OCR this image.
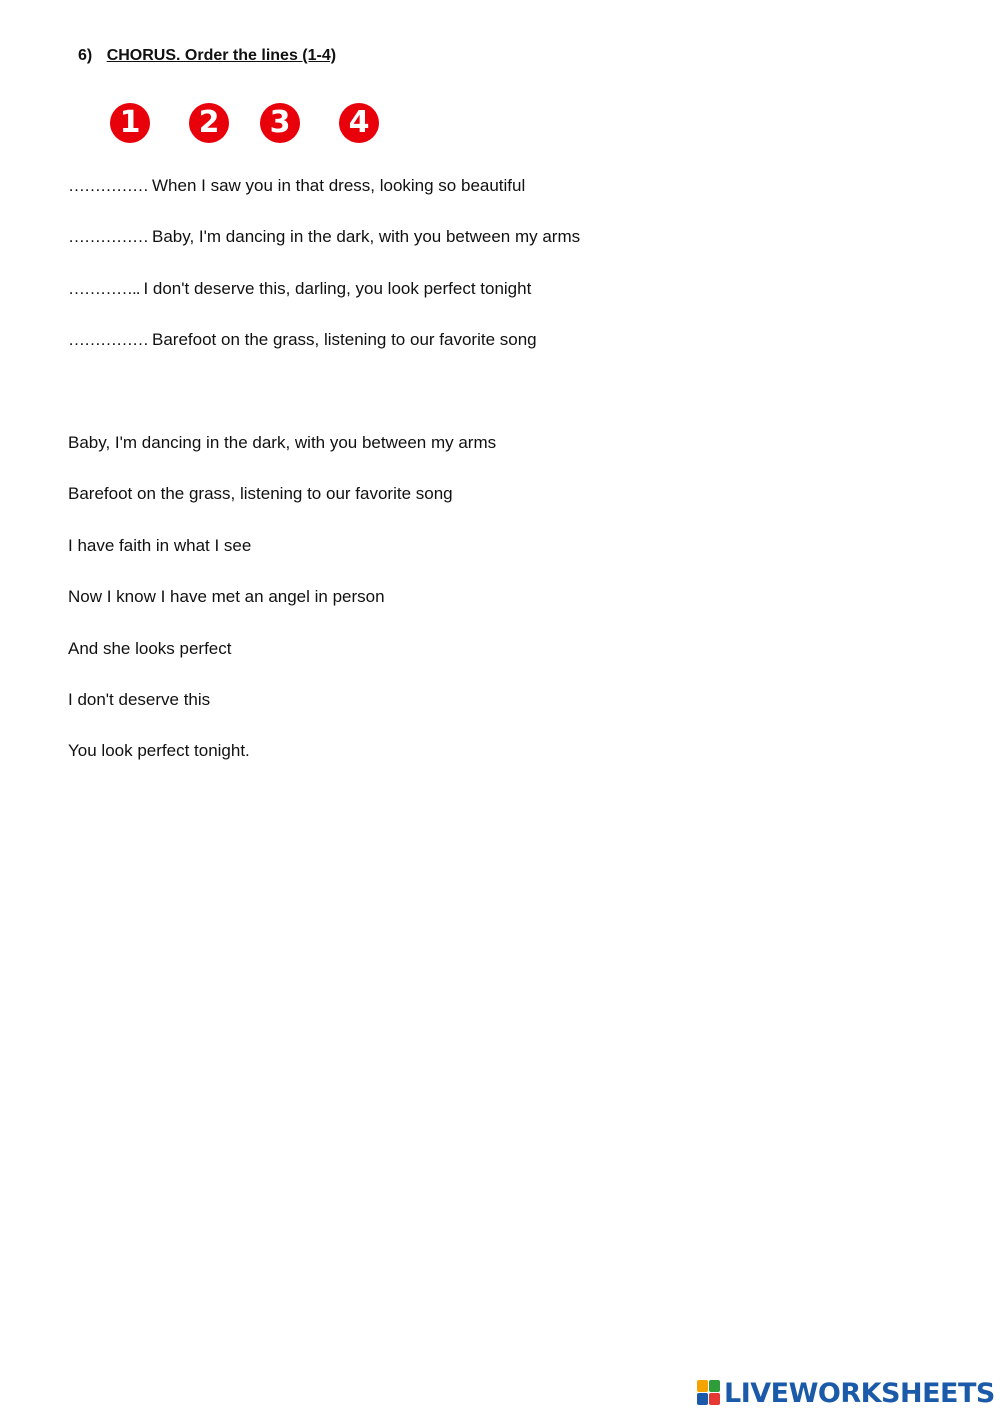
6) CHORUS. Order the lines (1-4)
1	2	3	4
…………… When I saw you in that dress, looking so beautiful
…………… Baby, I'm dancing in the dark, with you between my arms
………….. I don't deserve this, darling, you look perfect tonight
…………… Barefoot on the grass, listening to our favorite song
Baby, I'm dancing in the dark, with you between my arms
Barefoot on the grass, listening to our favorite song
I have faith in what I see
Now I know I have met an angel in person
And she looks perfect
I don't deserve this
You look perfect tonight.
LIVEWORKSHEETS
